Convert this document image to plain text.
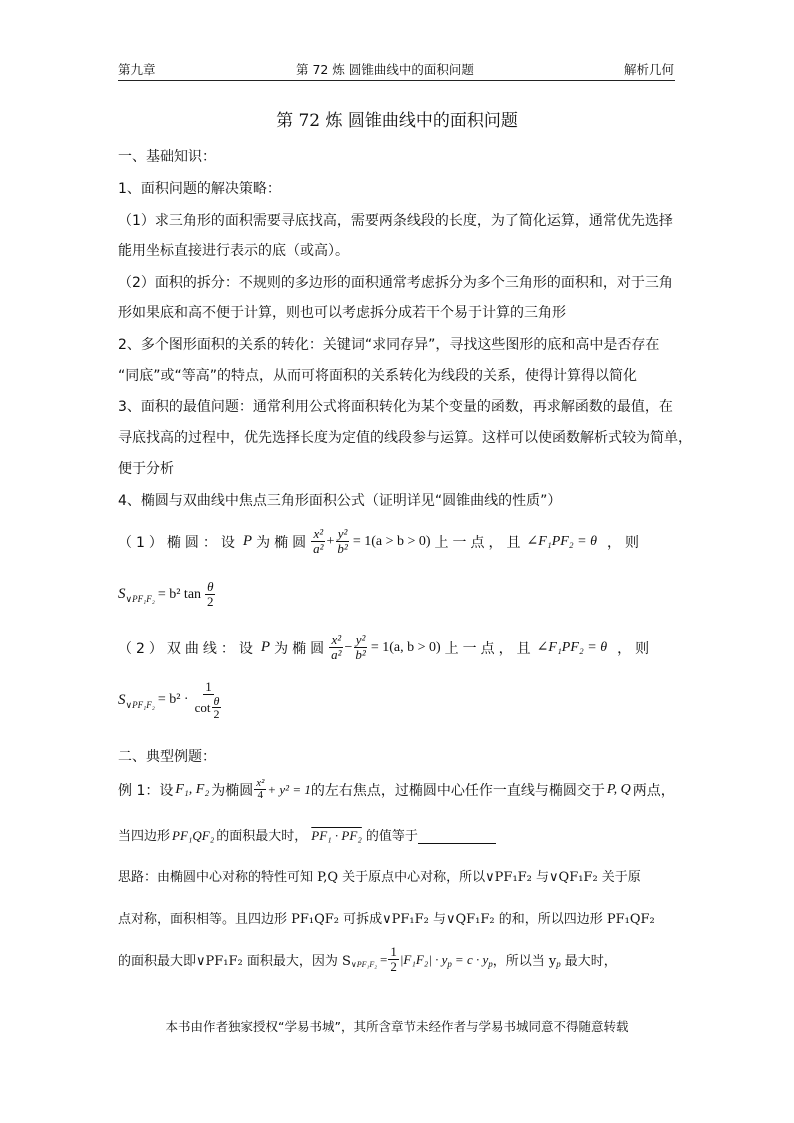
第九章	第 72 炼 圆锥曲线中的面积问题	解析几何
第 72 炼 圆锥曲线中的面积问题
一、基础知识：
1、面积问题的解决策略：
（1）求三角形的面积需要寻底找高，需要两条线段的长度，为了简化运算，通常优先选择
能用坐标直接进行表示的底（或高）。
（2）面积的拆分：不规则的多边形的面积通常考虑拆分为多个三角形的面积和，对于三角
形如果底和高不便于计算，则也可以考虑拆分成若干个易于计算的三角形
2、多个图形面积的关系的转化：关键词“求同存异”，寻找这些图形的底和高中是否存在
“同底”或“等高”的特点，从而可将面积的关系转化为线段的关系，使得计算得以简化
3、面积的最值问题：通常利用公式将面积转化为某个变量的函数，再求解函数的最值，在
寻底找高的过程中，优先选择长度为定值的线段参与运算。这样可以使函数解析式较为简单，
便于分析
4、椭圆与双曲线中焦点三角形面积公式（证明详见“圆锥曲线的性质”）
（1）椭圆：设 P 为椭圆 $\frac{\text{x²}}{\text{a²}} + \frac{\text{y²}}{\text{b²}} = 1(a > b > 0)$ 上一点，且 ∠F₁PF₂ = θ ，则
S ∨PF₁F₂ = b² $\tan \frac{\theta}{2}$
（2）双曲线：设 P 为椭圆 $\frac{\text{x²}}{\text{a²}} - \frac{\text{y²}}{\text{b²}} = 1(a$, b > 0) 上一点，且 ∠F₁PF₂ = θ ，则
S ∨PF₁F₂ = $b^2 \cdot \frac{1}{\cot \frac{\theta}{2}}$
二、典型例题：
例 1：设 F₁, F₂ 为椭圆 $\frac{\text{x²}}{4} + y^2 = 1$ 的左右焦点，过椭圆中心任作一直线与椭圆交于 P, Q 两点，
当四边形 PF₁QF₂ 的面积最大时， PF₁ · PF₂ 的值等于
思路：由椭圆中心对称的特性可知 P,Q 关于原点中心对称，所以∨PF₁F₂ 与∨QF₁F₂ 关于原
点对称，面积相等。且四边形 PF₁QF₂ 可拆成∨PF₁F₂ 与∨QF₁F₂ 的和，所以四边形 PF₁QF₂
的面积最大即∨PF₁F₂ 面积最大，因为 S ∨PF₁F₂ = $\frac{1}{2} |F_1F_2| \cdot y$ p = c · y p ，所以当 y p 最大时，
本书由作者独家授权“学易书城”，其所含章节未经作者与学易书城同意不得随意转载
